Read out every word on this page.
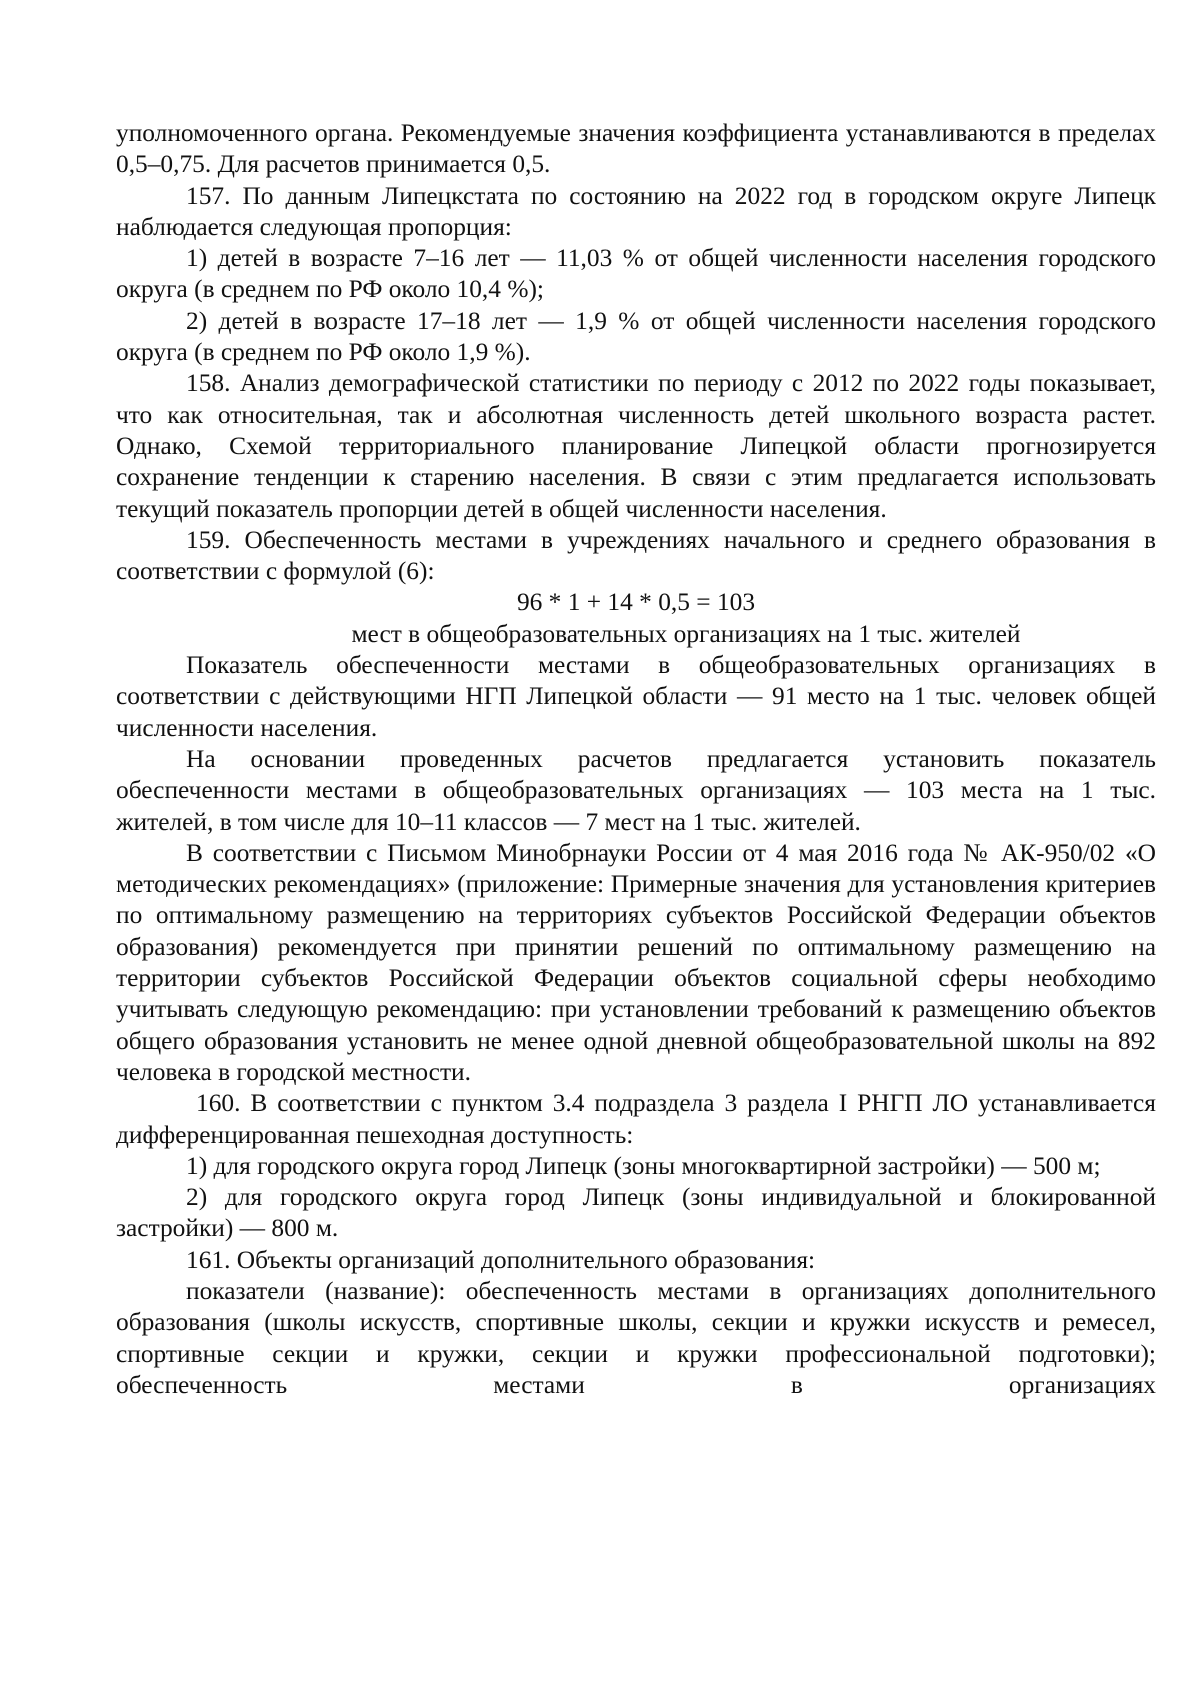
уполномоченного органа. Рекомендуемые значения коэффициента устанавливаются в пределах 0,5–0,75. Для расчетов принимается 0,5.

157. По данным Липецкстата по состоянию на 2022 год в городском округе Липецк наблюдается следующая пропорция:

1) детей в возрасте 7–16 лет — 11,03 % от общей численности населения городского округа (в среднем по РФ около 10,4 %);

2) детей в возрасте 17–18 лет — 1,9 % от общей численности населения городского округа (в среднем по РФ около 1,9 %).

158. Анализ демографической статистики по периоду с 2012 по 2022 годы показывает, что как относительная, так и абсолютная численность детей школьного возраста растет. Однако, Схемой территориального планирование Липецкой области прогнозируется сохранение тенденции к старению населения. В связи с этим предлагается использовать текущий показатель пропорции детей в общей численности населения.

159. Обеспеченность местами в учреждениях начального и среднего образования в соответствии с формулой (6):

96 * 1 + 14 * 0,5 = 103

мест в общеобразовательных организациях на 1 тыс. жителей

Показатель обеспеченности местами в общеобразовательных организациях в соответствии с действующими НГП Липецкой области — 91 место на 1 тыс. человек общей численности населения.

На основании проведенных расчетов предлагается установить показатель обеспеченности местами в общеобразовательных организациях — 103 места на 1 тыс. жителей, в том числе для 10–11 классов — 7 мест на 1 тыс. жителей.

В соответствии с Письмом Минобрнауки России от 4 мая 2016 года № АК-950/02 «О методических рекомендациях» (приложение: Примерные значения для установления критериев по оптимальному размещению на территориях субъектов Российской Федерации объектов образования) рекомендуется при принятии решений по оптимальному размещению на территории субъектов Российской Федерации объектов социальной сферы необходимо учитывать следующую рекомендацию: при установлении требований к размещению объектов общего образования установить не менее одной дневной общеобразовательной школы на 892 человека в городской местности.

160. В соответствии с пунктом 3.4 подраздела 3 раздела I РНГП ЛО устанавливается дифференцированная пешеходная доступность:

1) для городского округа город Липецк (зоны многоквартирной застройки) — 500 м;

2) для городского округа город Липецк (зоны индивидуальной и блокированной застройки) — 800 м.

161. Объекты организаций дополнительного образования:

показатели (название): обеспеченность местами в организациях дополнительного образования (школы искусств, спортивные школы, секции и кружки искусств и ремесел, спортивные секции и кружки, секции и кружки профессиональной подготовки); обеспеченность местами в организациях
